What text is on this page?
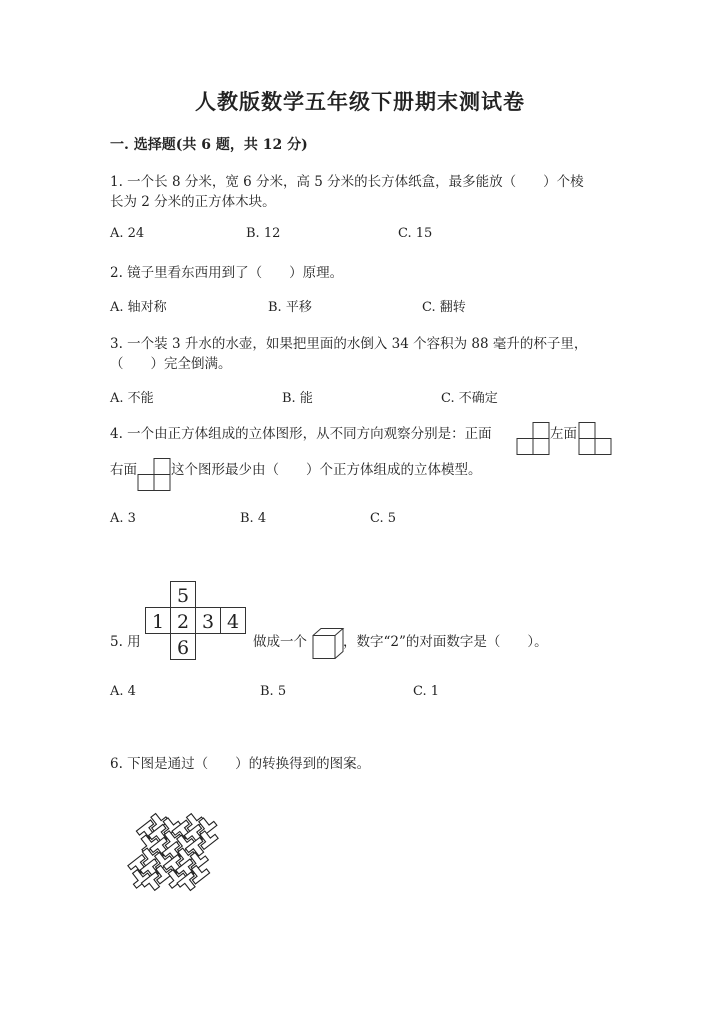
人教版数学五年级下册期末测试卷
一. 选择题(共 6 题，共 12 分)
1. 一个长 8 分米，宽 6 分米，高 5 分米的长方体纸盒，最多能放（　　）个棱
长为 2 分米的正方体木块。
A. 24	B. 12	C. 15
2. 镜子里看东西用到了（　　）原理。
A. 轴对称	B. 平移	C. 翻转
3. 一个装 3 升水的水壶，如果把里面的水倒入 34 个容积为 88 毫升的杯子里，
（　　）完全倒满。
A. 不能	B. 能	C. 不确定
4. 一个由正方体组成的立体图形，从不同方向观察分别是：正面	左面
右面	这个图形最少由（　　）个正方体组成的立体模型。
A. 3	B. 4	C. 5
5. 用
5
1 2 3 4
6	做成一个	，数字“2”的对面数字是（　　）。
A. 4	B. 5	C. 1
6. 下图是通过（　　）的转换得到的图案。
